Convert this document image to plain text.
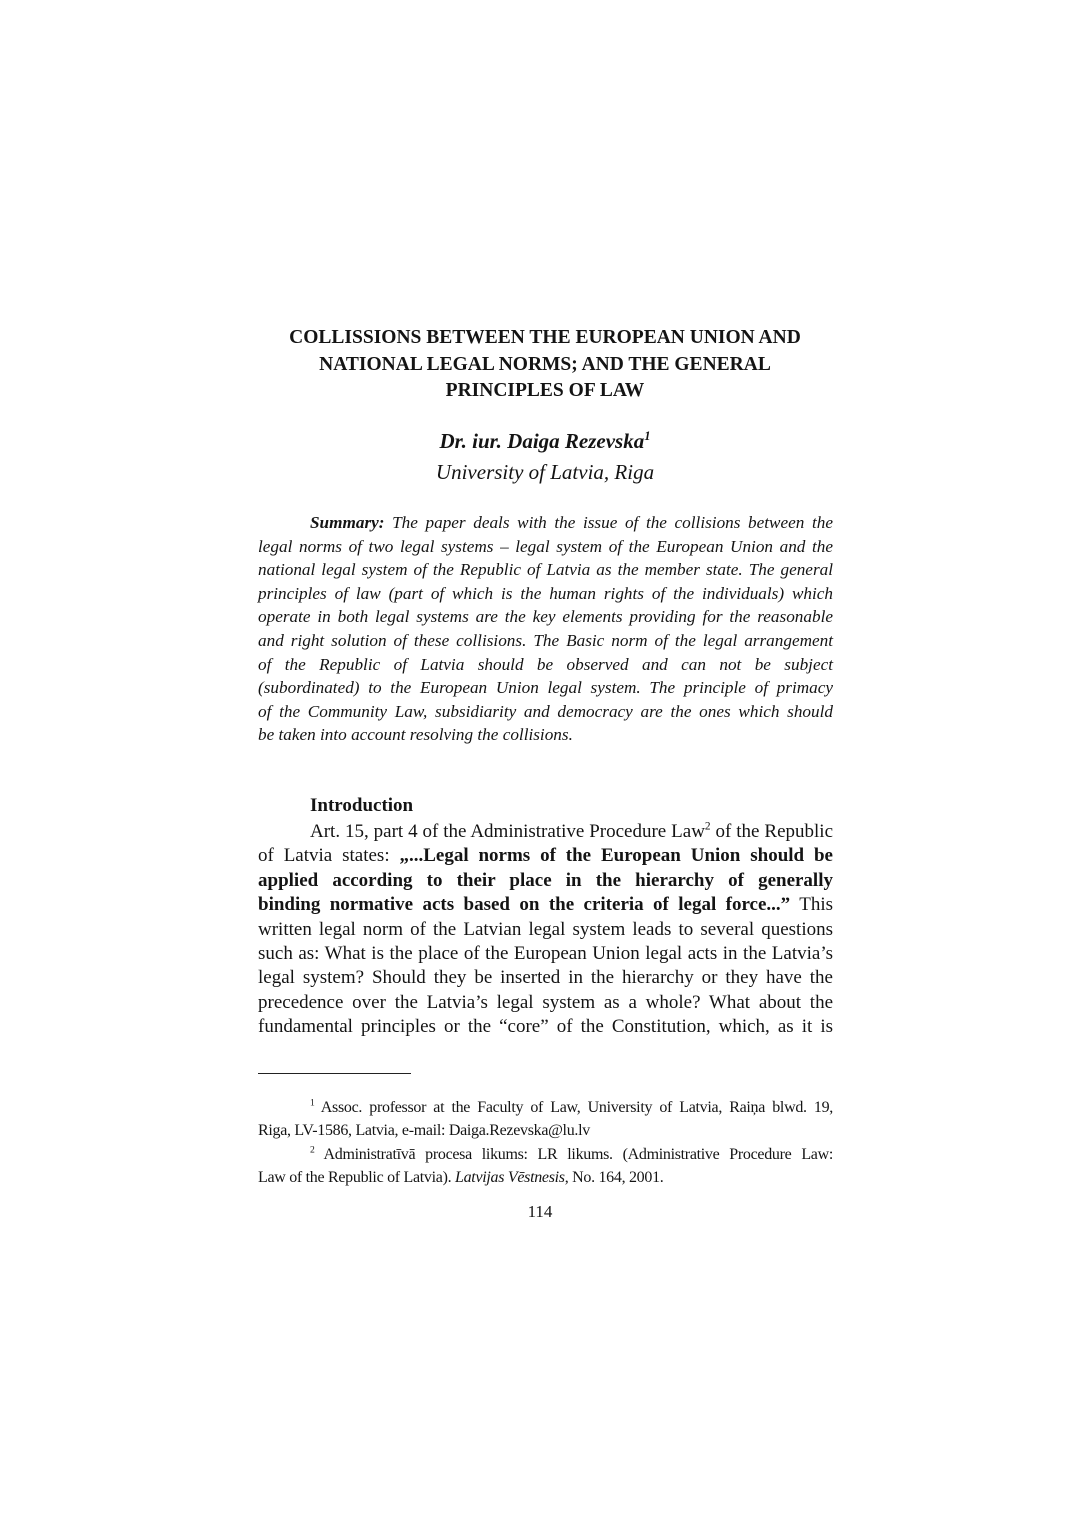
COLLISSIONS BETWEEN THE EUROPEAN UNION AND
NATIONAL LEGAL NORMS; AND THE GENERAL
PRINCIPLES OF LAW
Dr. iur. Daiga Rezevska$^1$
University of Latvia, Riga
Summary: The paper deals with the issue of the collisions between the
legal norms of two legal systems – legal system of the European Union and the
national legal system of the Republic of Latvia as the member state. The general
principles of law (part of which is the human rights of the individuals) which
operate in both legal systems are the key elements providing for the reasonable
and right solution of these collisions. The Basic norm of the legal arrangement
of the Republic of Latvia should be observed and can not be subject
(subordinated) to the European Union legal system. The principle of primacy
of the Community Law, subsidiarity and democracy are the ones which should
be taken into account resolving the collisions.
Introduction
Art. 15, part 4 of the Administrative Procedure Law$^2$ of the Republic
of Latvia states: „...Legal norms of the European Union should be
applied according to their place in the hierarchy of generally
binding normative acts based on the criteria of legal force...” This
written legal norm of the Latvian legal system leads to several questions
such as: What is the place of the European Union legal acts in the Latvia’s
legal system? Should they be inserted in the hierarchy or they have the
precedence over the Latvia’s legal system as a whole? What about the
fundamental principles or the “core” of the Constitution, which, as it is
$^1$ Assoc. professor at the Faculty of Law, University of Latvia, Raiņa blwd. 19,
Riga, LV-1586, Latvia, e-mail: Daiga.Rezevska@lu.lv
$^2$ Administratīvā procesa likums: LR likums. (Administrative Procedure Law:
Law of the Republic of Latvia). Latvijas Vēstnesis, No. 164, 2001.
114
